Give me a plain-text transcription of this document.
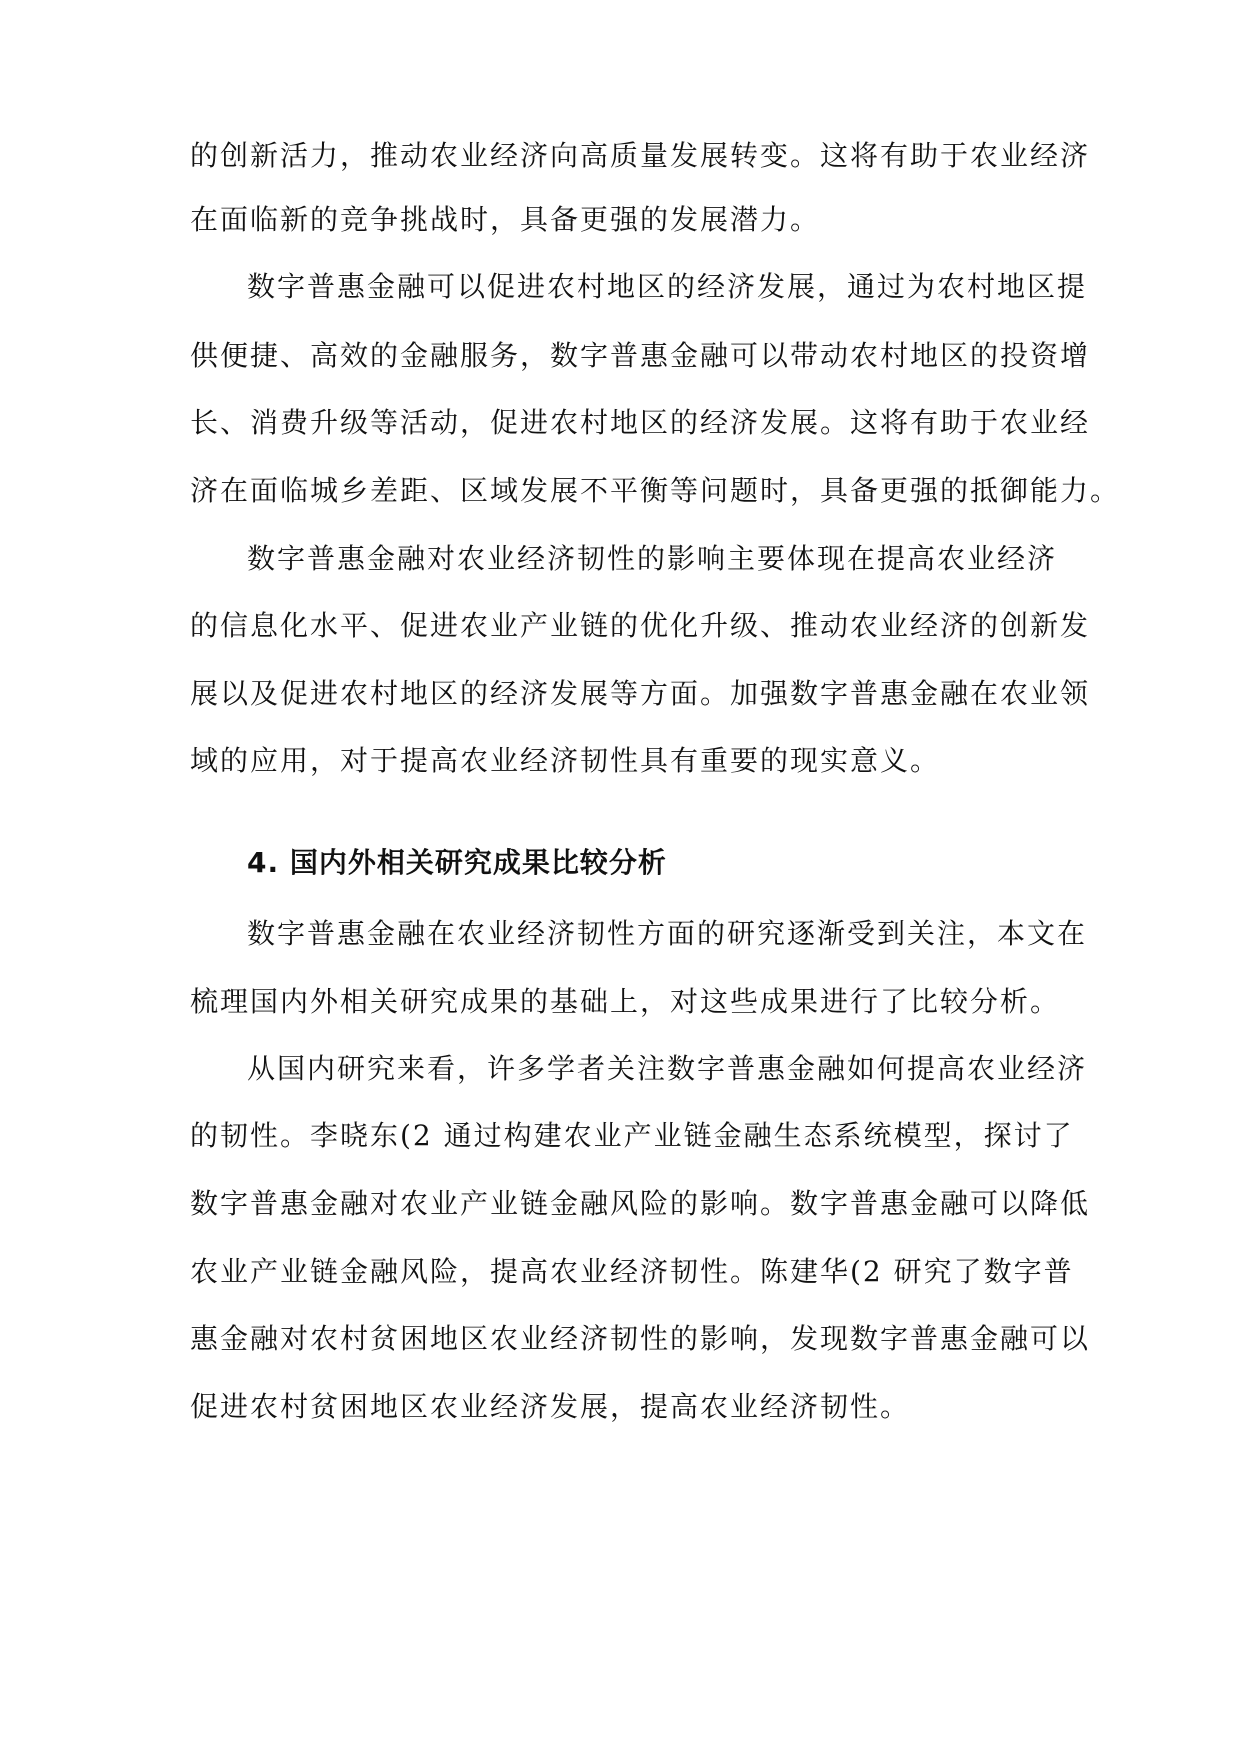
的创新活力，推动农业经济向高质量发展转变。这将有助于农业经济
在面临新的竞争挑战时，具备更强的发展潜力。
数字普惠金融可以促进农村地区的经济发展，通过为农村地区提
供便捷、高效的金融服务，数字普惠金融可以带动农村地区的投资增
长、消费升级等活动，促进农村地区的经济发展。这将有助于农业经
济在面临城乡差距、区域发展不平衡等问题时，具备更强的抵御能力。
数字普惠金融对农业经济韧性的影响主要体现在提高农业经济
的信息化水平、促进农业产业链的优化升级、推动农业经济的创新发
展以及促进农村地区的经济发展等方面。加强数字普惠金融在农业领
域的应用，对于提高农业经济韧性具有重要的现实意义。
4. 国内外相关研究成果比较分析
数字普惠金融在农业经济韧性方面的研究逐渐受到关注，本文在
梳理国内外相关研究成果的基础上，对这些成果进行了比较分析。
从国内研究来看，许多学者关注数字普惠金融如何提高农业经济
的韧性。李晓东(2 通过构建农业产业链金融生态系统模型，探讨了
数字普惠金融对农业产业链金融风险的影响。数字普惠金融可以降低
农业产业链金融风险，提高农业经济韧性。陈建华(2 研究了数字普
惠金融对农村贫困地区农业经济韧性的影响，发现数字普惠金融可以
促进农村贫困地区农业经济发展，提高农业经济韧性。
